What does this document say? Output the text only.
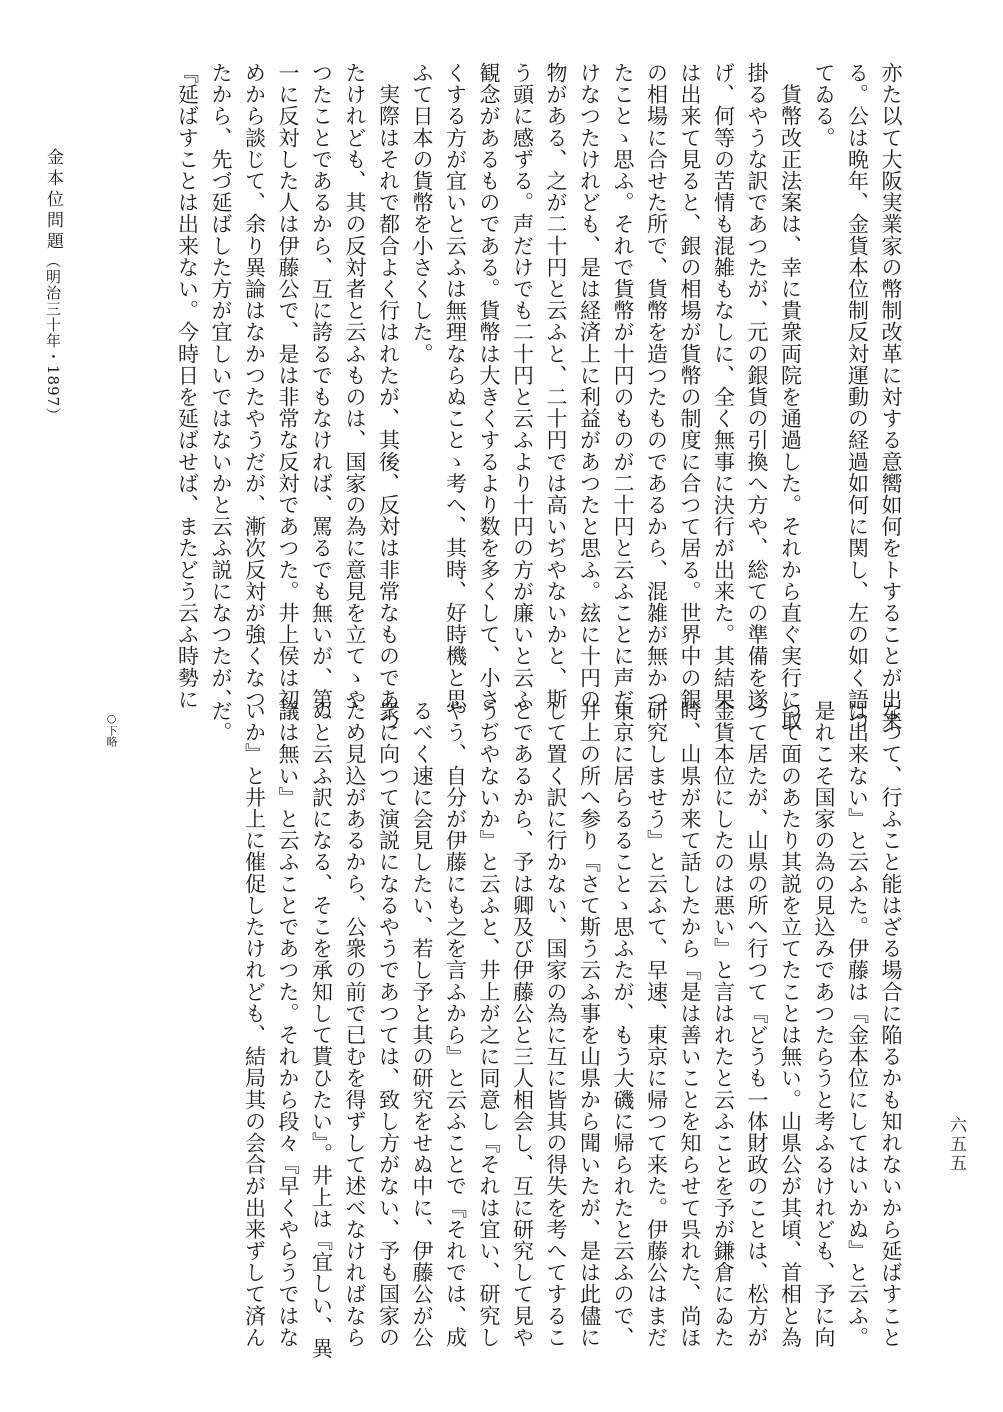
亦た以て大阪実業家の幣制改革に対する意嚮如何をトすることが出来
る。公は晩年、金貨本位制反対運動の経過如何に関し、左の如く語つ
てゐる。
　貨幣改正法案は、幸に貴衆両院を通過した。それから直ぐ実行に取
掛るやうな訳であつたが、元の銀貨の引換へ方や、総ての準備を遂
げ、何等の苦情も混雑もなしに、全く無事に決行が出来た。其結果
は出来て見ると、銀の相場が貨幣の制度に合つて居る。世界中の銀
の相場に合せた所で、貨幣を造つたものであるから、混雑が無かつ
たことゝ思ふ。それで貨幣が十円のものが二十円と云ふことに声だ
けなつたけれども、是は経済上に利益があつたと思ふ。玆に十円の
物がある、之が二十円と云ふと、二十円では高いぢやないかと、斯
う頭に感ずる。声だけでも二十円と云ふより十円の方が廉いと云ふ
観念があるものである。貨幣は大きくするより数を多くして、小さ
くする方が宜いと云ふは無理ならぬことゝ考へ、其時、好時機と思
ふて日本の貨幣を小さくした。
　実際はそれで都合よく行はれたが、其後、反対は非常なものであつ
たけれども、其の反対者と云ふものは、国家の為に意見を立てゝや
つたことであるから、互に誇るでもなければ、罵るでも無いが、第
一に反対した人は伊藤公で、是は非常な反対であつた。井上侯は初
めから談じて、余り異論はなかつたやうだが、漸次反対が強くなつ
たから、先づ延ばした方が宜しいではないかと云ふ説になつたが、
『延ばすことは出来ない。今時日を延ばせば、またどう云ふ時勢に
なつて、行ふこと能はざる場合に陥るかも知れないから延ばすこと
は出来ない』と云ふた。伊藤は『金本位にしてはいかぬ』と云ふ。
是れこそ国家の為の見込みであつたらうと考ふるけれども、予に向
つて面のあたり其説を立てたことは無い。山県公が其頃、首相と為
つて居たが、山県の所へ行つて『どうも一体財政のことは、松方が
金貨本位にしたのは悪い』と言はれたと云ふことを予が鎌倉にゐた
時、山県が来て話したから『是は善いことを知らせて呉れた、尚ほ
研究しませう』と云ふて、早速、東京に帰つて来た。伊藤公はまだ
東京に居らるることゝ思ふたが、もう大磯に帰られたと云ふので、
井上の所へ参り『さて斯う云ふ事を山県から聞いたが、是は此儘に
して置く訳に行かない、国家の為に互に皆其の得失を考へてするこ
とであるから、予は卿及び伊藤公と三人相会し、互に研究して見や
うぢやないか』と云ふと、井上が之に同意し『それは宜い、研究し
やう、自分が伊藤にも之を言ふから』と云ふことで『それでは、成
るべく速に会見したい、若し予と其の研究をせぬ中に、伊藤公が公
衆に向つて演説になるやうであつては、致し方がない、予も国家の
ため見込があるから、公衆の前で已むを得ずして述べなければなら
ぬと云ふ訳になる、そこを承知して貰ひたい』。井上は『宜しい、異
議は無い』と云ふことであつた。それから段々『早くやらうではな
いか』と井上に催促したけれども、結局其の会合が出来ずして済ん
だ。
○下略
金本位問題（明治三十年・1897）
六五五
